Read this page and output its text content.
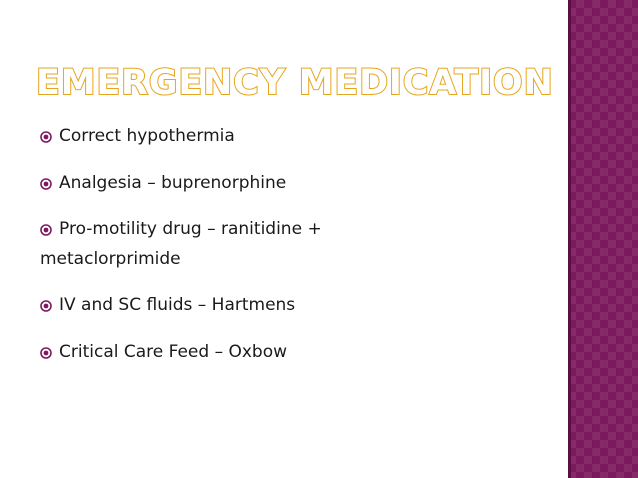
EMERGENCY MEDICATION
Correct hypothermia
Analgesia – buprenorphine
Pro-motility drug – ranitidine +
metaclorprimide
IV and SC fluids – Hartmens
Critical Care Feed – Oxbow
